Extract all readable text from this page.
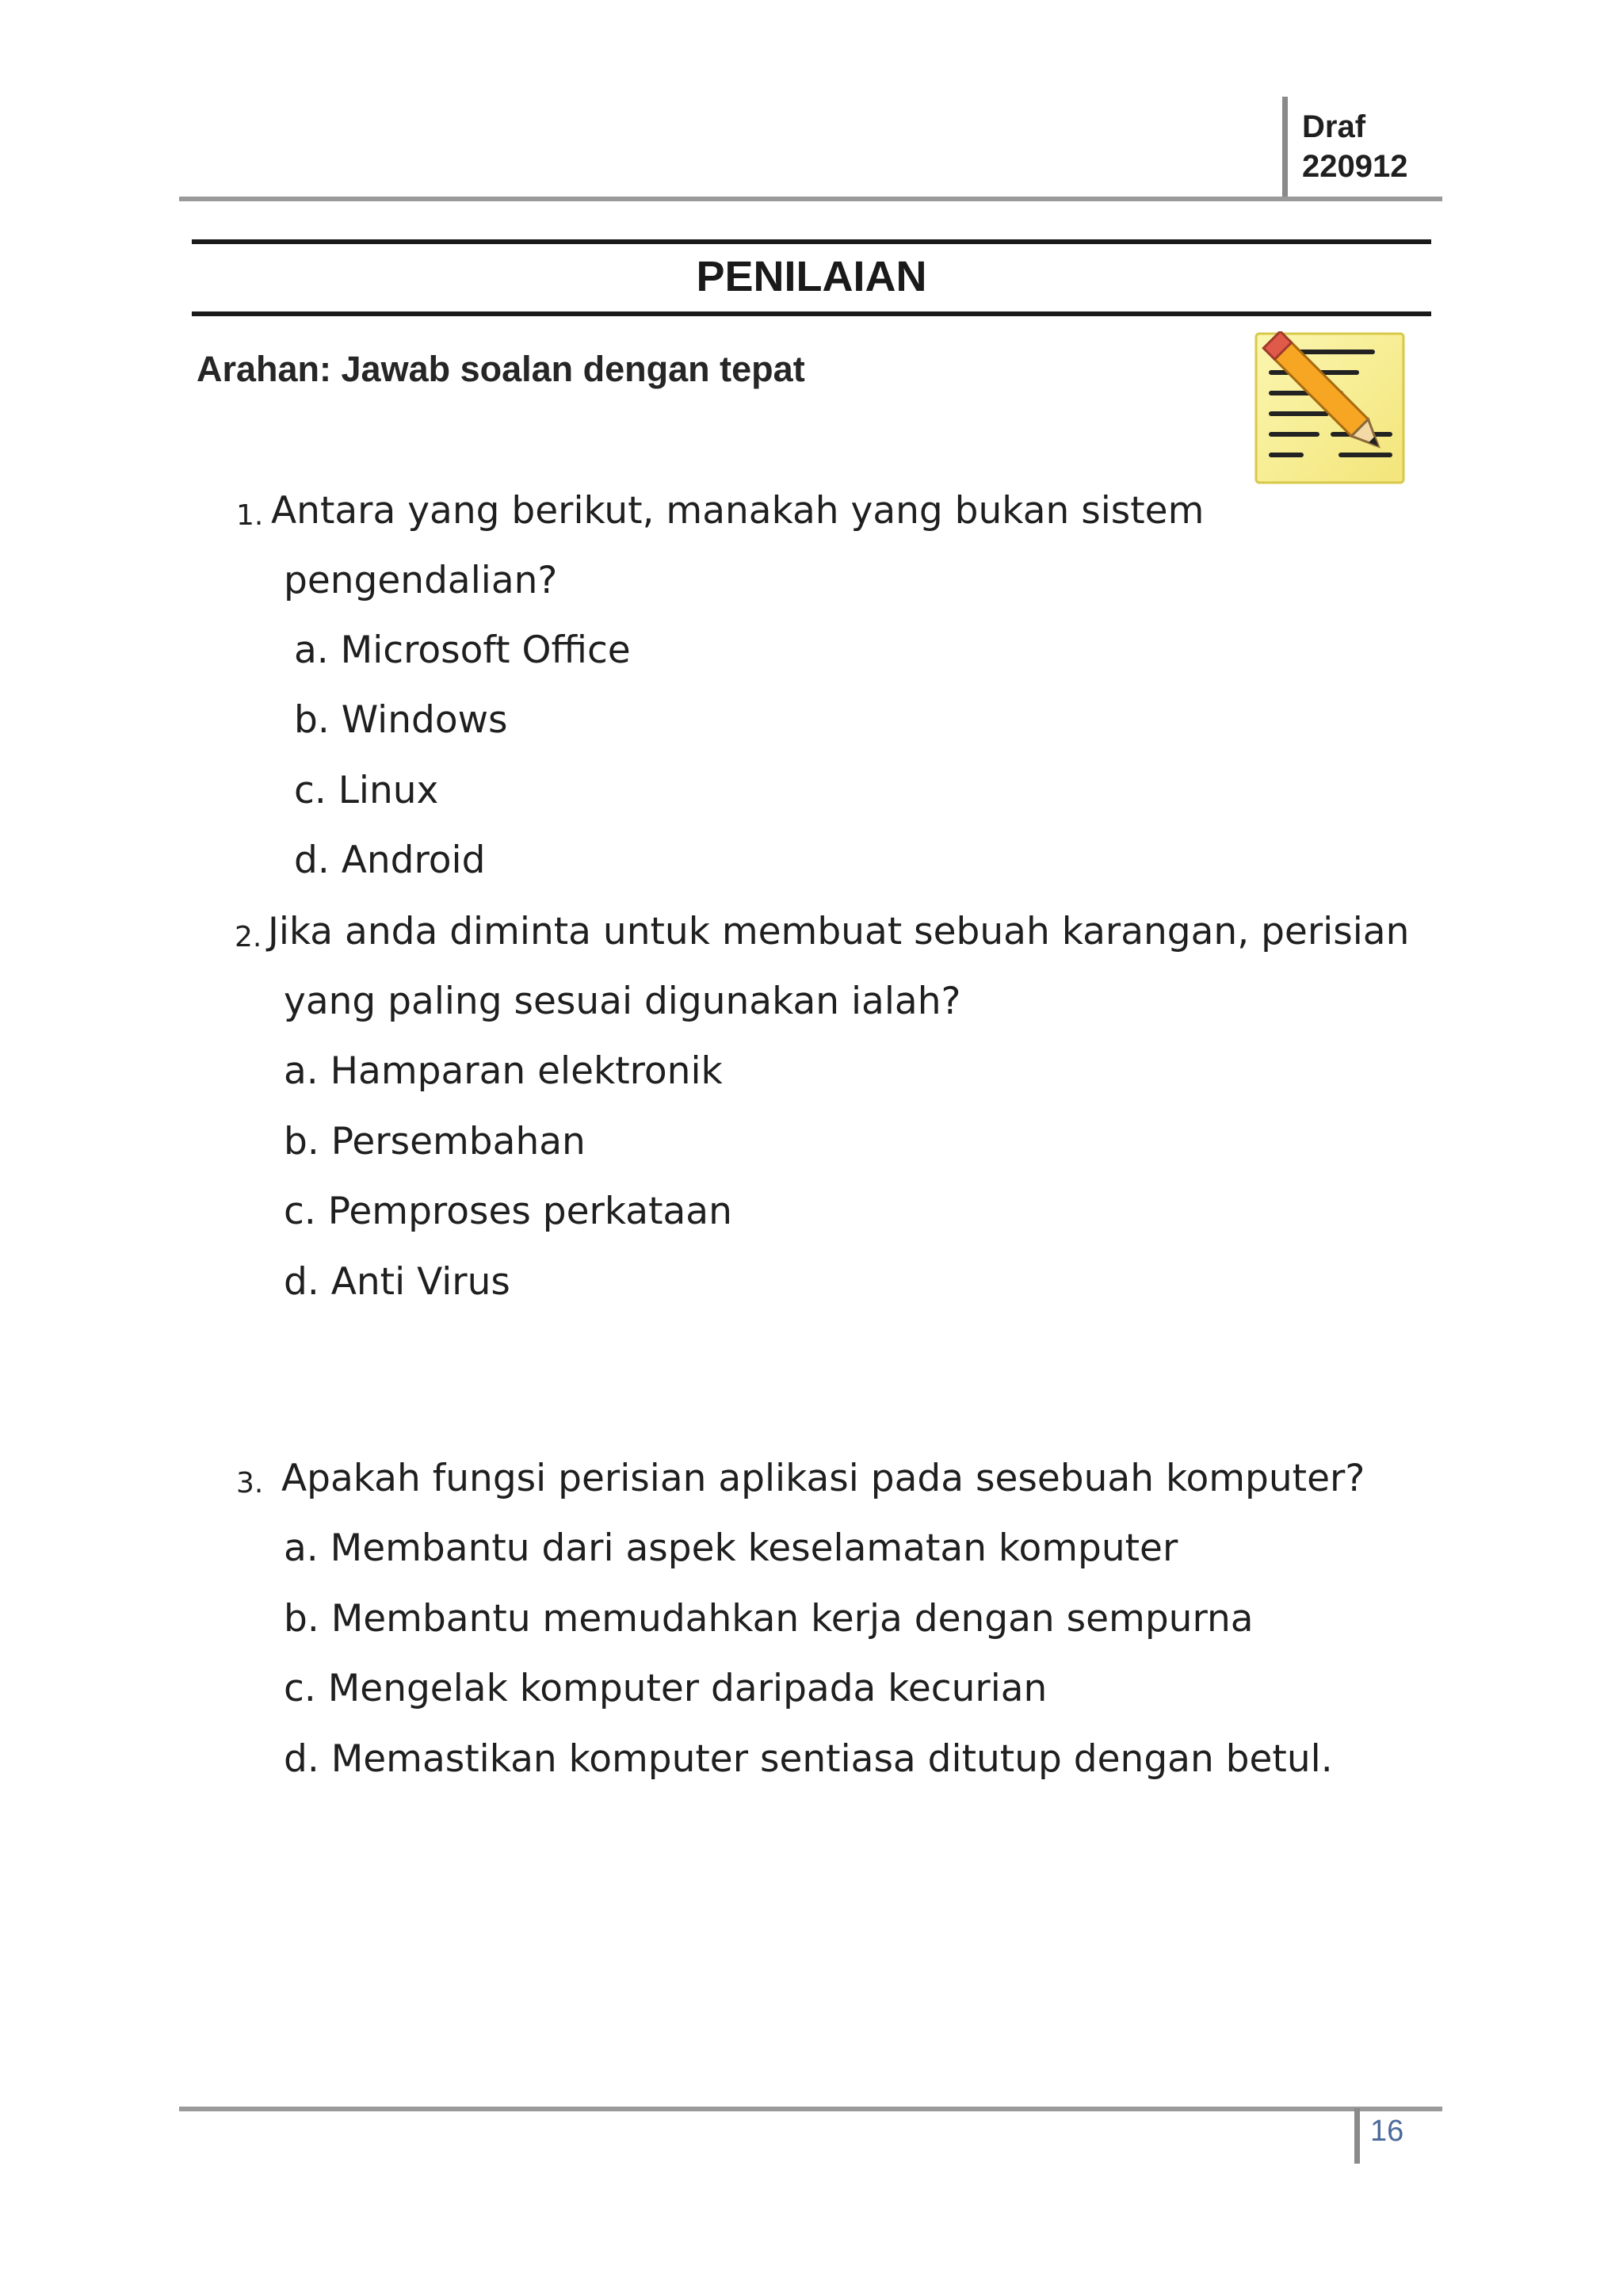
Draf
220912
PENILAIAN
Arahan: Jawab soalan dengan tepat
1. Antara yang berikut, manakah yang bukan sistem
pengendalian?
a. Microsoft Office
b. Windows
c. Linux
d. Android
2. Jika anda diminta untuk membuat sebuah karangan, perisian
yang paling sesuai digunakan ialah?
a. Hamparan elektronik
b. Persembahan
c. Pemproses perkataan
d. Anti Virus
3. Apakah fungsi perisian aplikasi pada sesebuah komputer?
a. Membantu dari aspek keselamatan komputer
b. Membantu memudahkan kerja dengan sempurna
c. Mengelak komputer daripada kecurian
d. Memastikan komputer sentiasa ditutup dengan betul.
16
